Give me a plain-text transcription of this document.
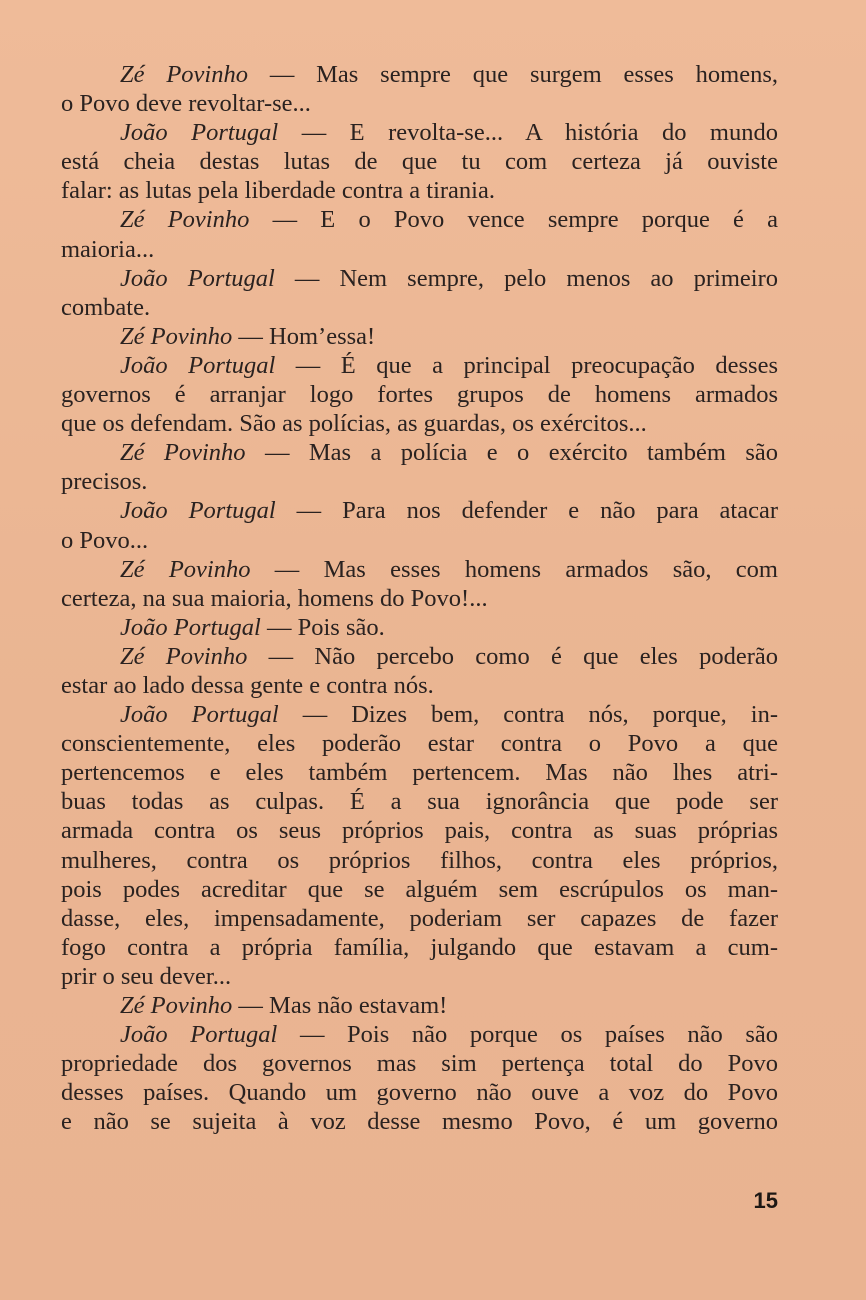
Zé Povinho — Mas sempre que surgem esses homens,
o Povo deve revoltar-se...
João Portugal — E revolta-se... A história do mundo
está cheia destas lutas de que tu com certeza já ouviste
falar: as lutas pela liberdade contra a tirania.
Zé Povinho — E o Povo vence sempre porque é a
maioria...
João Portugal — Nem sempre, pelo menos ao primeiro
combate.
Zé Povinho — Hom’essa!
João Portugal — É que a principal preocupação desses
governos é arranjar logo fortes grupos de homens armados
que os defendam. São as polícias, as guardas, os exércitos...
Zé Povinho — Mas a polícia e o exército também são
precisos.
João Portugal — Para nos defender e não para atacar
o Povo...
Zé Povinho — Mas esses homens armados são, com
certeza, na sua maioria, homens do Povo!...
João Portugal — Pois são.
Zé Povinho — Não percebo como é que eles poderão
estar ao lado dessa gente e contra nós.
João Portugal — Dizes bem, contra nós, porque, in-
conscientemente, eles poderão estar contra o Povo a que
pertencemos e eles também pertencem. Mas não lhes atri-
buas todas as culpas. É a sua ignorância que pode ser
armada contra os seus próprios pais, contra as suas próprias
mulheres, contra os próprios filhos, contra eles próprios,
pois podes acreditar que se alguém sem escrúpulos os man-
dasse, eles, impensadamente, poderiam ser capazes de fazer
fogo contra a própria família, julgando que estavam a cum-
prir o seu dever...
Zé Povinho — Mas não estavam!
João Portugal — Pois não porque os países não são
propriedade dos governos mas sim pertença total do Povo
desses países. Quando um governo não ouve a voz do Povo
e não se sujeita à voz desse mesmo Povo, é um governo
15
